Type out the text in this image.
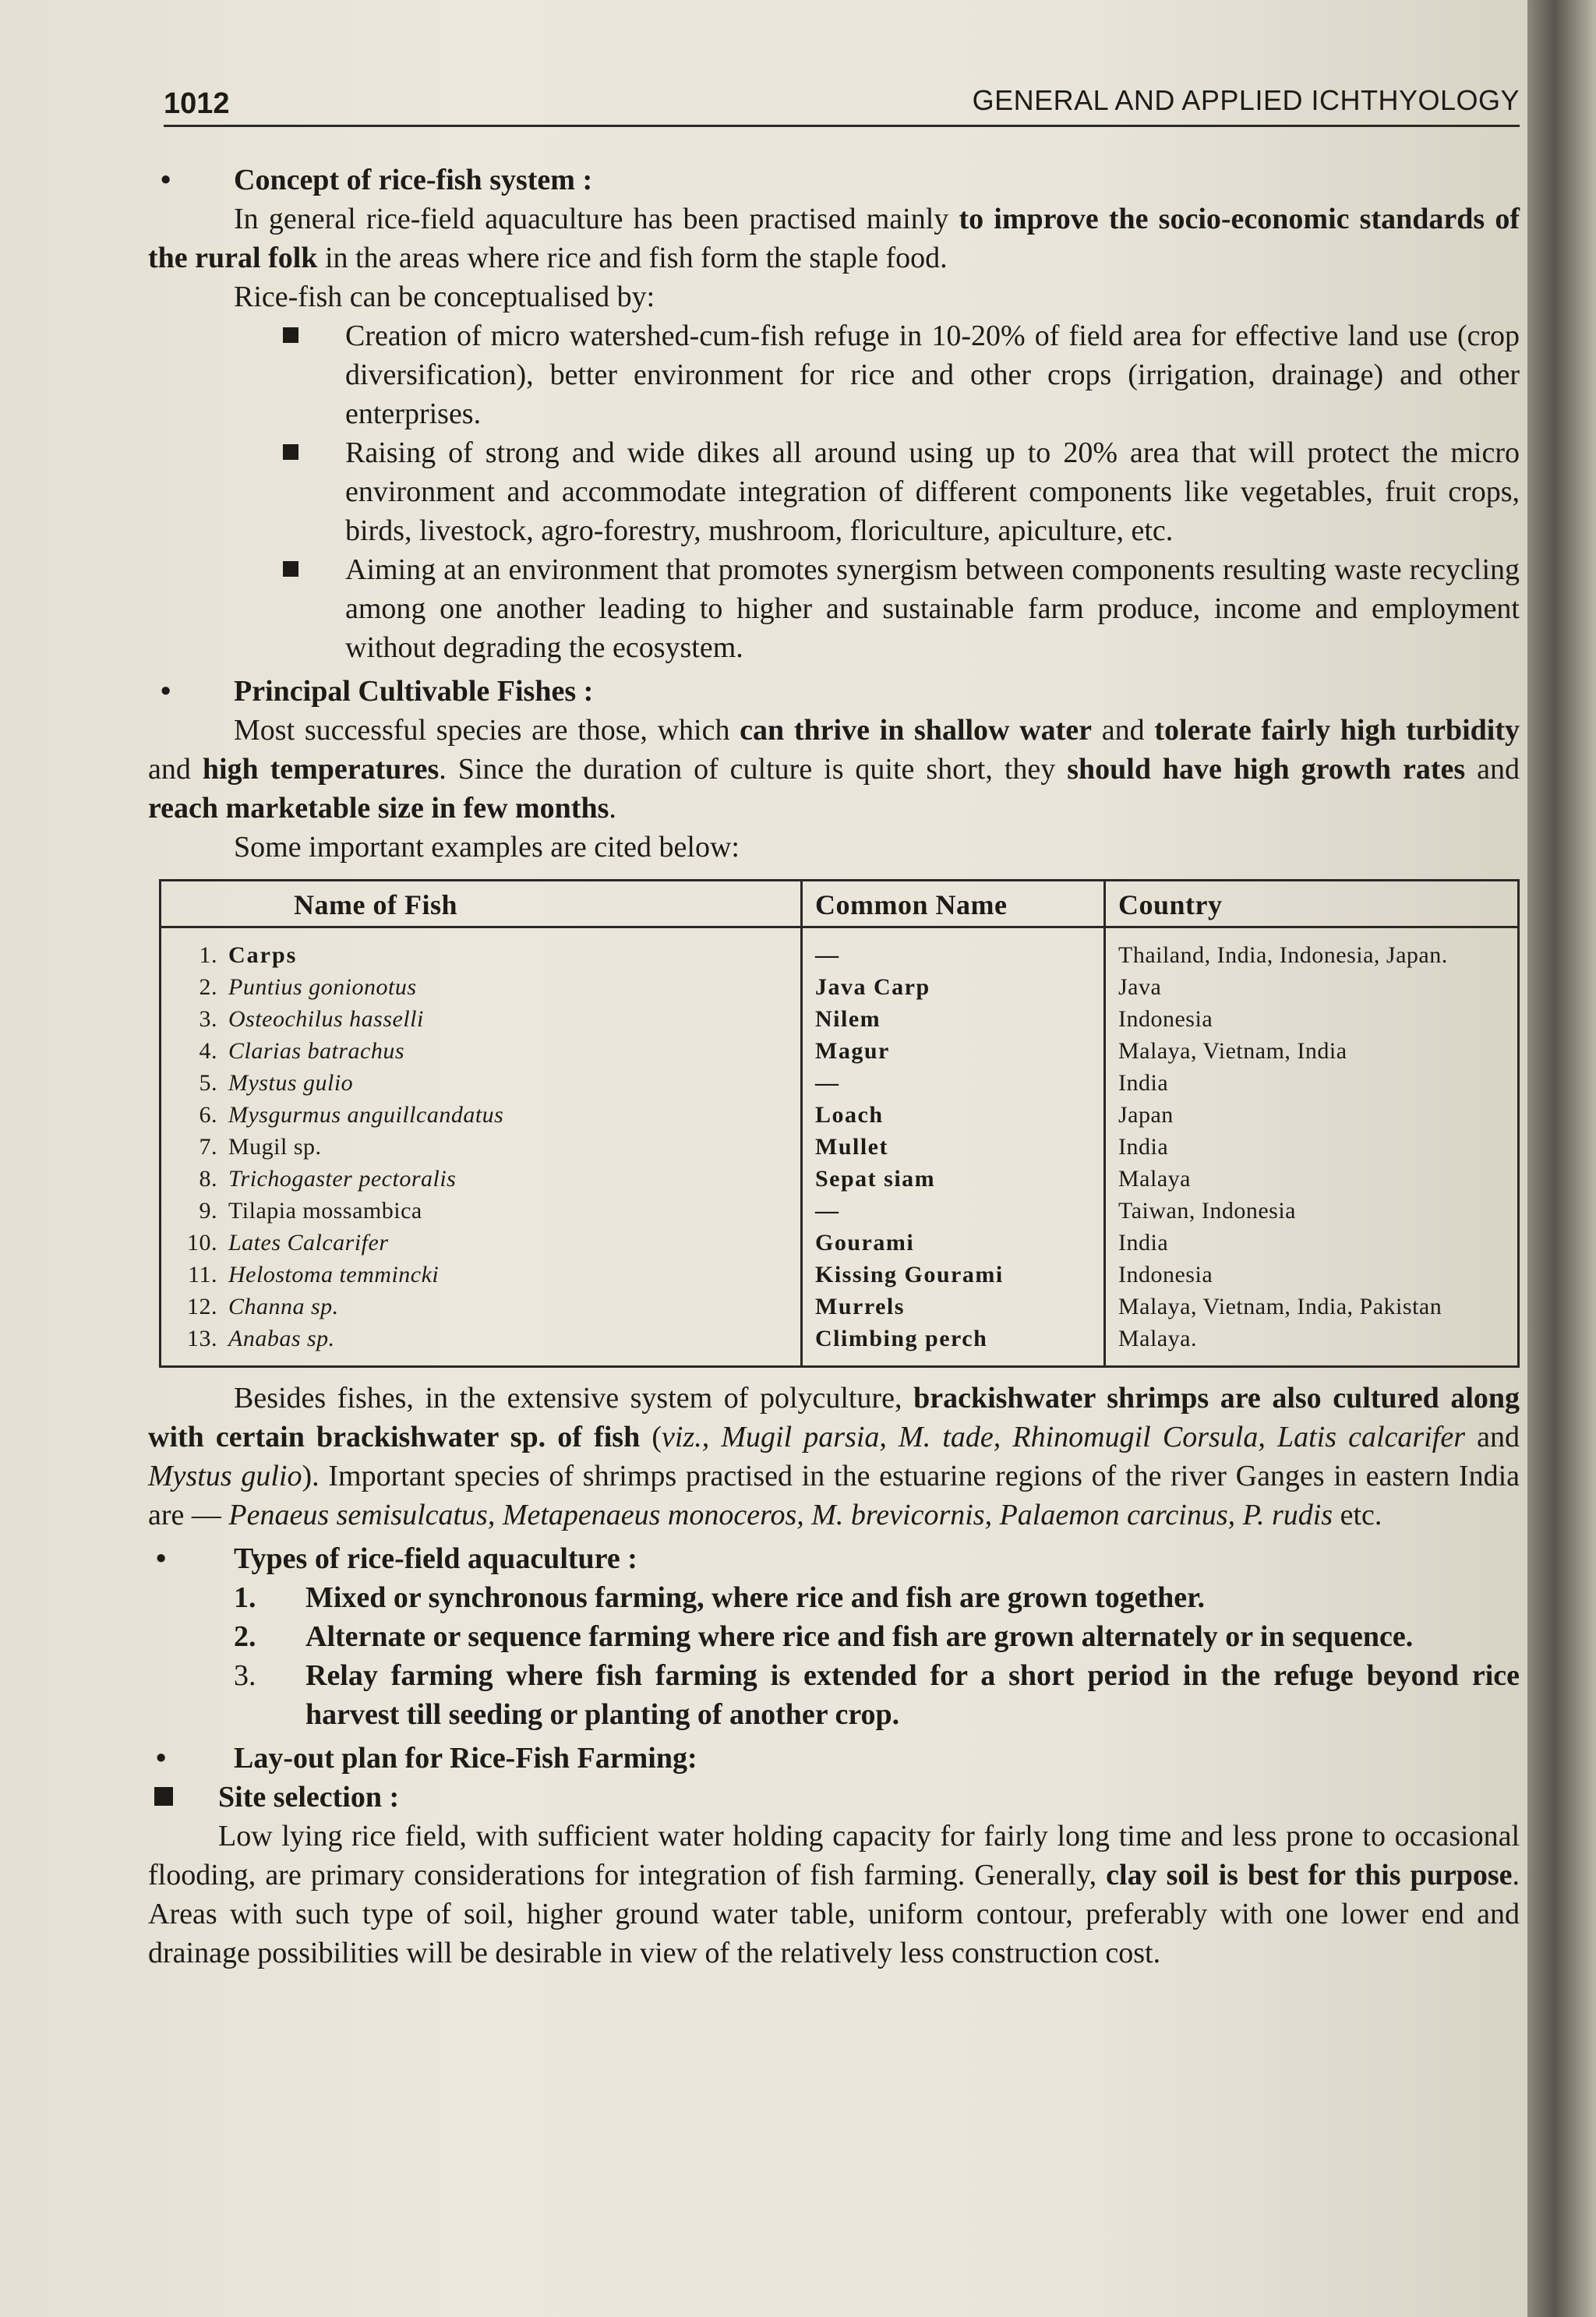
1012	GENERAL AND APPLIED ICHTHYOLOGY

• Concept of rice-fish system :

In general rice-field aquaculture has been practised mainly to improve the socio-economic standards of the rural folk in the areas where rice and fish form the staple food.

Rice-fish can be conceptualised by:

Creation of micro watershed-cum-fish refuge in 10-20% of field area for effective land use (crop diversification), better environment for rice and other crops (irrigation, drainage) and other enterprises.
Raising of strong and wide dikes all around using up to 20% area that will protect the micro environment and accommodate integration of different components like vegetables, fruit crops, birds, livestock, agro-forestry, mushroom, floriculture, apiculture, etc.
Aiming at an environment that promotes synergism between components resulting waste recycling among one another leading to higher and sustainable farm produce, income and employment without degrading the ecosystem.

• Principal Cultivable Fishes :

Most successful species are those, which can thrive in shallow water and tolerate fairly high turbidity and high temperatures. Since the duration of culture is quite short, they should have high growth rates and reach marketable size in few months.

Some important examples are cited below:

Name of Fish	Common Name	Country
1. Carps	—	Thailand, India, Indonesia, Japan.
2. Puntius gonionotus	Java Carp	Java
3. Osteochilus hasselli	Nilem	Indonesia
4. Clarias batrachus	Magur	Malaya, Vietnam, India
5. Mystus gulio	—	India
6. Mysgurmus anguillcandatus	Loach	Japan
7. Mugil sp.	Mullet	India
8. Trichogaster pectoralis	Sepat siam	Malaya
9. Tilapia mossambica	—	Taiwan, Indonesia
10. Lates Calcarifer	Gourami	India
11. Helostoma temmincki	Kissing Gourami	Indonesia
12. Channa sp.	Murrels	Malaya, Vietnam, India, Pakistan
13. Anabas sp.	Climbing perch	Malaya.

Besides fishes, in the extensive system of polyculture, brackishwater shrimps are also cultured along with certain brackishwater sp. of fish (viz., Mugil parsia, M. tade, Rhinomugil Corsula, Latis calcarifer and Mystus gulio). Important species of shrimps practised in the estuarine regions of the river Ganges in eastern India are — Penaeus semisulcatus, Metapenaeus monoceros, M. brevicornis, Palaemon carcinus, P. rudis etc.

• Types of rice-field aquaculture :

1. Mixed or synchronous farming, where rice and fish are grown together.
2. Alternate or sequence farming where rice and fish are grown alternately or in sequence.
3. Relay farming where fish farming is extended for a short period in the refuge beyond rice harvest till seeding or planting of another crop.

• Lay-out plan for Rice-Fish Farming:

Site selection :

Low lying rice field, with sufficient water holding capacity for fairly long time and less prone to occasional flooding, are primary considerations for integration of fish farming. Generally, clay soil is best for this purpose. Areas with such type of soil, higher ground water table, uniform contour, preferably with one lower end and drainage possibilities will be desirable in view of the relatively less construction cost.
